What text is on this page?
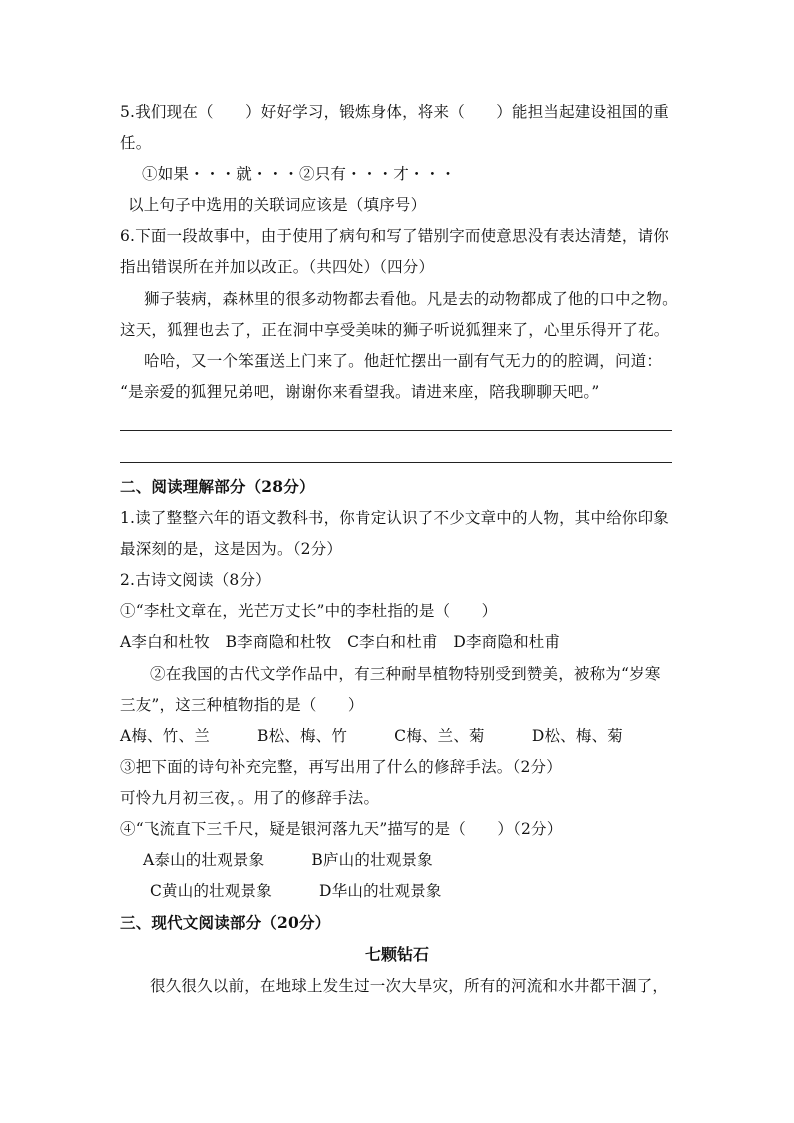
5.我们现在（　　）好好学习，锻炼身体，将来（　　）能担当起建设祖国的重
任。
①如果・・・就・・・②只有・・・才・・・
以上句子中选用的关联词应该是（填序号）
6.下面一段故事中，由于使用了病句和写了错别字而使意思没有表达清楚，请你
指出错误所在并加以改正。（共四处）（四分）
狮子装病，森林里的很多动物都去看他。凡是去的动物都成了他的口中之物。
这天，狐狸也去了，正在洞中享受美味的狮子听说狐狸来了，心里乐得开了花。
哈哈，又一个笨蛋送上门来了。他赶忙摆出一副有气无力的的腔调，问道：
“是亲爱的狐狸兄弟吧，谢谢你来看望我。请进来座，陪我聊聊天吧。”
二、阅读理解部分（28分）
1.读了整整六年的语文教科书，你肯定认识了不少文章中的人物，其中给你印象
最深刻的是，这是因为。（2分）
2.古诗文阅读（8分）
①“李杜文章在，光芒万丈长”中的李杜指的是（　　）
A李白和杜牧　B李商隐和杜牧　C李白和杜甫　D李商隐和杜甫
②在我国的古代文学作品中，有三种耐旱植物特别受到赞美，被称为“岁寒
三友”，这三种植物指的是（　　）
A梅、竹、兰　　　B松、梅、竹　　　C梅、兰、菊　　　D松、梅、菊
③把下面的诗句补充完整，再写出用了什么的修辞手法。（2分）
可怜九月初三夜，。用了的修辞手法。
④“飞流直下三千尺，疑是银河落九天”描写的是（　　）（2分）
A泰山的壮观景象　　　B庐山的壮观景象
C黄山的壮观景象　　　D华山的壮观景象
三、现代文阅读部分（20分）
七颗钻石
很久很久以前，在地球上发生过一次大旱灾，所有的河流和水井都干涸了，
